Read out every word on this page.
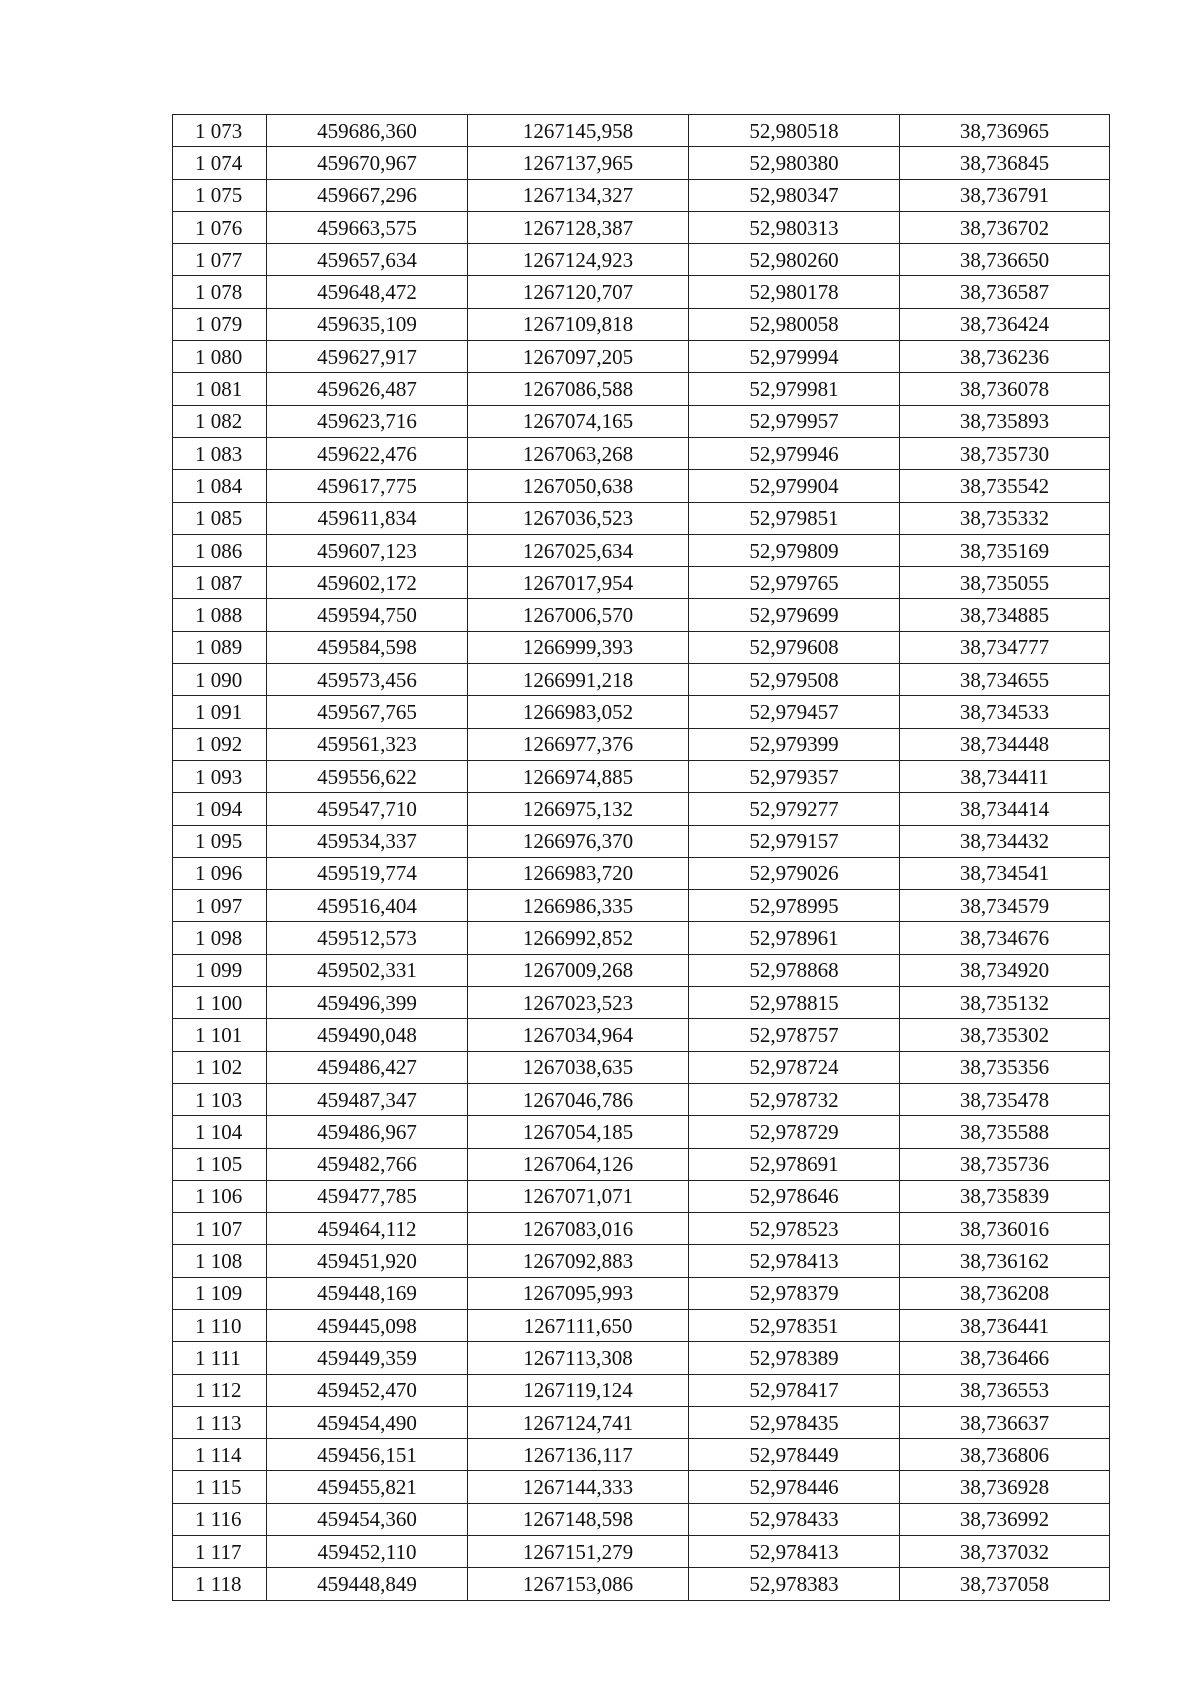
1 073	459686,360	1267145,958	52,980518	38,736965
1 074	459670,967	1267137,965	52,980380	38,736845
1 075	459667,296	1267134,327	52,980347	38,736791
1 076	459663,575	1267128,387	52,980313	38,736702
1 077	459657,634	1267124,923	52,980260	38,736650
1 078	459648,472	1267120,707	52,980178	38,736587
1 079	459635,109	1267109,818	52,980058	38,736424
1 080	459627,917	1267097,205	52,979994	38,736236
1 081	459626,487	1267086,588	52,979981	38,736078
1 082	459623,716	1267074,165	52,979957	38,735893
1 083	459622,476	1267063,268	52,979946	38,735730
1 084	459617,775	1267050,638	52,979904	38,735542
1 085	459611,834	1267036,523	52,979851	38,735332
1 086	459607,123	1267025,634	52,979809	38,735169
1 087	459602,172	1267017,954	52,979765	38,735055
1 088	459594,750	1267006,570	52,979699	38,734885
1 089	459584,598	1266999,393	52,979608	38,734777
1 090	459573,456	1266991,218	52,979508	38,734655
1 091	459567,765	1266983,052	52,979457	38,734533
1 092	459561,323	1266977,376	52,979399	38,734448
1 093	459556,622	1266974,885	52,979357	38,734411
1 094	459547,710	1266975,132	52,979277	38,734414
1 095	459534,337	1266976,370	52,979157	38,734432
1 096	459519,774	1266983,720	52,979026	38,734541
1 097	459516,404	1266986,335	52,978995	38,734579
1 098	459512,573	1266992,852	52,978961	38,734676
1 099	459502,331	1267009,268	52,978868	38,734920
1 100	459496,399	1267023,523	52,978815	38,735132
1 101	459490,048	1267034,964	52,978757	38,735302
1 102	459486,427	1267038,635	52,978724	38,735356
1 103	459487,347	1267046,786	52,978732	38,735478
1 104	459486,967	1267054,185	52,978729	38,735588
1 105	459482,766	1267064,126	52,978691	38,735736
1 106	459477,785	1267071,071	52,978646	38,735839
1 107	459464,112	1267083,016	52,978523	38,736016
1 108	459451,920	1267092,883	52,978413	38,736162
1 109	459448,169	1267095,993	52,978379	38,736208
1 110	459445,098	1267111,650	52,978351	38,736441
1 111	459449,359	1267113,308	52,978389	38,736466
1 112	459452,470	1267119,124	52,978417	38,736553
1 113	459454,490	1267124,741	52,978435	38,736637
1 114	459456,151	1267136,117	52,978449	38,736806
1 115	459455,821	1267144,333	52,978446	38,736928
1 116	459454,360	1267148,598	52,978433	38,736992
1 117	459452,110	1267151,279	52,978413	38,737032
1 118	459448,849	1267153,086	52,978383	38,737058
